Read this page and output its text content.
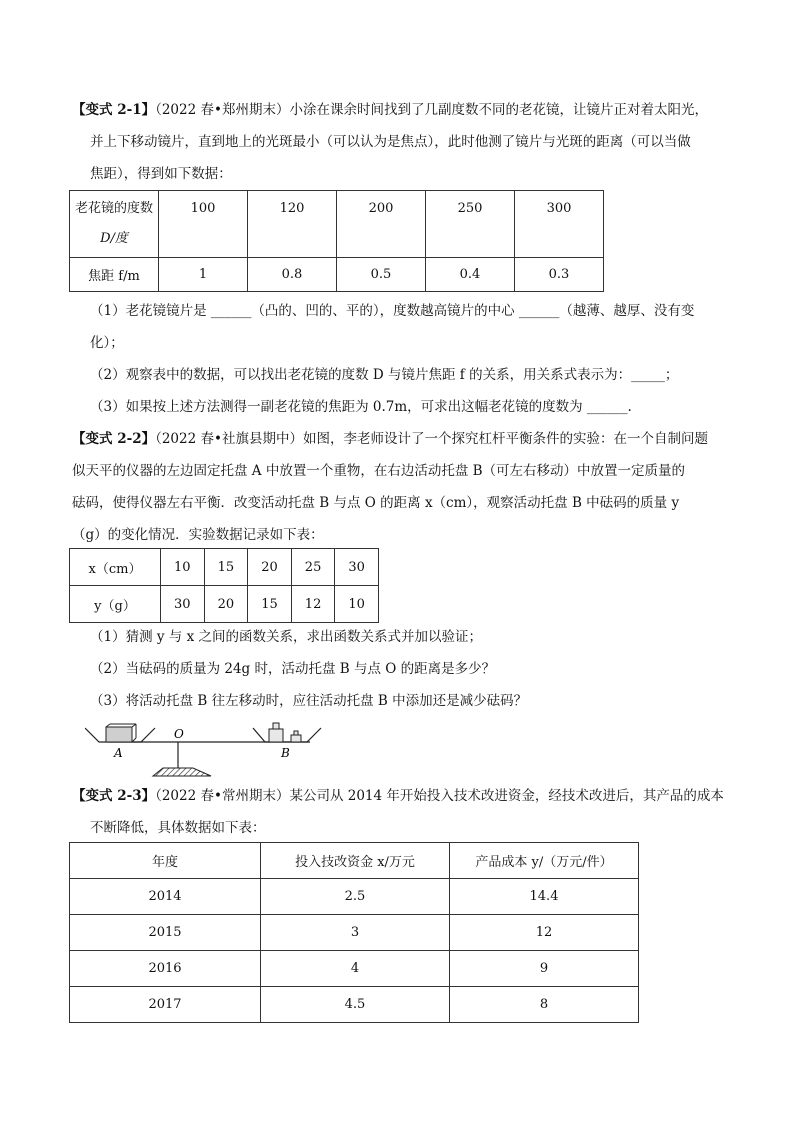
【变式 2-1】（2022 春•郑州期末）小涂在课余时间找到了几副度数不同的老花镜，让镜片正对着太阳光，
并上下移动镜片，直到地上的光斑最小（可以认为是焦点），此时他测了镜片与光斑的距离（可以当做
焦距），得到如下数据：
老花镜的度数
D/度	100	120	200	250	300
焦距 f/m	1	0.8	0.5	0.4	0.3
（1）老花镜镜片是 ______（凸的、凹的、平的），度数越高镜片的中心 ______（越薄、越厚、没有变
化）；
（2）观察表中的数据，可以找出老花镜的度数 D 与镜片焦距 f 的关系，用关系式表示为：_____；
（3）如果按上述方法测得一副老花镜的焦距为 0.7m，可求出这幅老花镜的度数为 ______.
【变式 2-2】（2022 春•社旗县期中）如图，李老师设计了一个探究杠杆平衡条件的实验：在一个自制问题
似天平的仪器的左边固定托盘 A 中放置一个重物，在右边活动托盘 B（可左右移动）中放置一定质量的
砝码，使得仪器左右平衡．改变活动托盘 B 与点 O 的距离 x（cm），观察活动托盘 B 中砝码的质量 y
（g）的变化情况．实验数据记录如下表：
x（cm）	10	15	20	25	30
y（g）	30	20	15	12	10
（1）猜测 y 与 x 之间的函数关系，求出函数关系式并加以验证；
（2）当砝码的质量为 24g 时，活动托盘 B 与点 O 的距离是多少？
（3）将活动托盘 B 往左移动时，应往活动托盘 B 中添加还是减少砝码？
A
O
B
【变式 2-3】（2022 春•常州期末）某公司从 2014 年开始投入技术改进资金，经技术改进后，其产品的成本
不断降低，具体数据如下表：
年度	投入技改资金 x/万元	产品成本 y/（万元/件）
2014	2.5	14.4
2015	3	12
2016	4	9
2017	4.5	8
